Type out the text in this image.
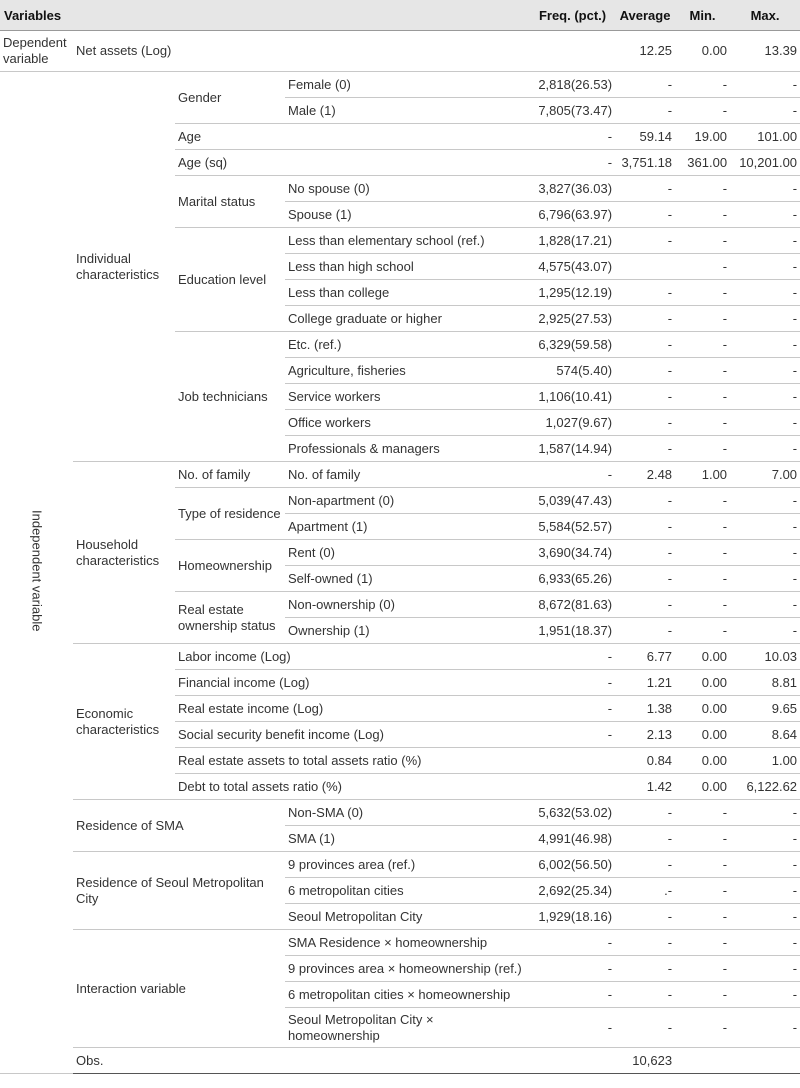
Variables				Freq. (pct.)	Average	Min.	Max.	
Dependent variable	Net assets (Log)				12.25	0.00	13.39	
Independent variable	Individual characteristics	Gender	Female (0)	2,818(26.53)	-	-	-	
			Male (1)	7,805(73.47)	-	-	-	
		Age		-	59.14	19.00	101.00	
		Age (sq)		-	3,751.18	361.00	10,201.00	
		Marital status	No spouse (0)	3,827(36.03)	-	-	-	
			Spouse (1)	6,796(63.97)	-	-	-	
		Education level	Less than elementary school (ref.)	1,828(17.21)	-	-	-	
			Less than high school	4,575(43.07)		-	-	
			Less than college	1,295(12.19)	-	-	-	
			College graduate or higher	2,925(27.53)	-	-	-	
		Job technicians	Etc. (ref.)	6,329(59.58)	-	-	-	
			Agriculture, fisheries	574(5.40)	-	-	-	
			Service workers	1,106(10.41)	-	-	-	
			Office workers	1,027(9.67)	-	-	-	
			Professionals & managers	1,587(14.94)	-	-	-	
	Household characteristics	No. of family	No. of family	-	2.48	1.00	7.00	
		Type of residence	Non-apartment (0)	5,039(47.43)	-	-	-	
			Apartment (1)	5,584(52.57)	-	-	-	
		Homeownership	Rent (0)	3,690(34.74)	-	-	-	
			Self-owned (1)	6,933(65.26)	-	-	-	
		Real estate ownership status	Non-ownership (0)	8,672(81.63)	-	-	-	
			Ownership (1)	1,951(18.37)	-	-	-	
	Economic characteristics	Labor income (Log)		-	6.77	0.00	10.03	
		Financial income (Log)		-	1.21	0.00	8.81	
		Real estate income (Log)		-	1.38	0.00	9.65	
		Social security benefit income (Log)		-	2.13	0.00	8.64	
		Real estate assets to total assets ratio (%)			0.84	0.00	1.00	
		Debt to total assets ratio (%)			1.42	0.00	6,122.62	
	Residence of SMA		Non-SMA (0)	5,632(53.02)	-	-	-	
			SMA (1)	4,991(46.98)	-	-	-	
	Residence of Seoul Metropolitan City		9 provinces area (ref.)	6,002(56.50)	-	-	-	
			6 metropolitan cities	2,692(25.34)	.-	-	-	
			Seoul Metropolitan City	1,929(18.16)	-	-	-	
	Interaction variable		SMA Residence × homeownership	-	-	-	-	
			9 provinces area × homeownership (ref.)	-	-	-	-	
			6 metropolitan cities × homeownership	-	-	-	-	
			Seoul Metropolitan City × homeownership	-	-	-	-	
	Obs.				10,623			
